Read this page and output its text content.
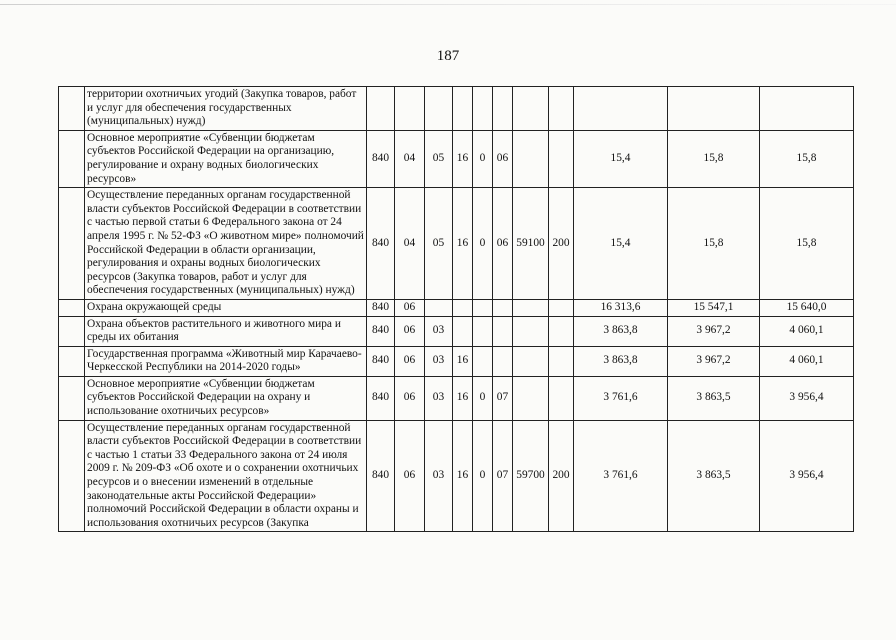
187
	территории охотничьих угодий (Закупка товаров, работ и услуг для обеспечения государственных (муниципальных) нужд)											
	Основное мероприятие «Субвенции бюджетам субъектов Российской Федерации на организацию, регулирование и охрану водных биологических ресурсов»	840	04	05	16	0	06			15,4	15,8	15,8
	Осуществление переданных органам государственной власти субъектов Российской Федерации в соответствии с частью первой статьи 6 Федерального закона от 24 апреля 1995 г. № 52-ФЗ «О животном мире» полномочий Российской Федерации в области организации, регулирования и охраны водных биологических ресурсов (Закупка товаров, работ и услуг для обеспечения государственных (муниципальных) нужд)	840	04	05	16	0	06	59100	200	15,4	15,8	15,8
	Охрана окружающей среды	840	06							16 313,6	15 547,1	15 640,0
	Охрана объектов растительного и животного мира и среды их обитания	840	06	03						3 863,8	3 967,2	4 060,1
	Государственная программа «Животный мир Карачаево-Черкесской Республики на 2014-2020 годы»	840	06	03	16					3 863,8	3 967,2	4 060,1
	Основное мероприятие «Субвенции бюджетам субъектов Российской Федерации на охрану и использование охотничьих ресурсов»	840	06	03	16	0	07			3 761,6	3 863,5	3 956,4
	Осуществление переданных органам государственной власти субъектов Российской Федерации в соответствии с частью 1 статьи 33 Федерального закона от 24 июля 2009 г. № 209-ФЗ «Об охоте и о сохранении охотничьих ресурсов и о внесении изменений в отдельные законодательные акты Российской Федерации» полномочий Российской Федерации в области охраны и использования охотничьих ресурсов (Закупка	840	06	03	16	0	07	59700	200	3 761,6	3 863,5	3 956,4
